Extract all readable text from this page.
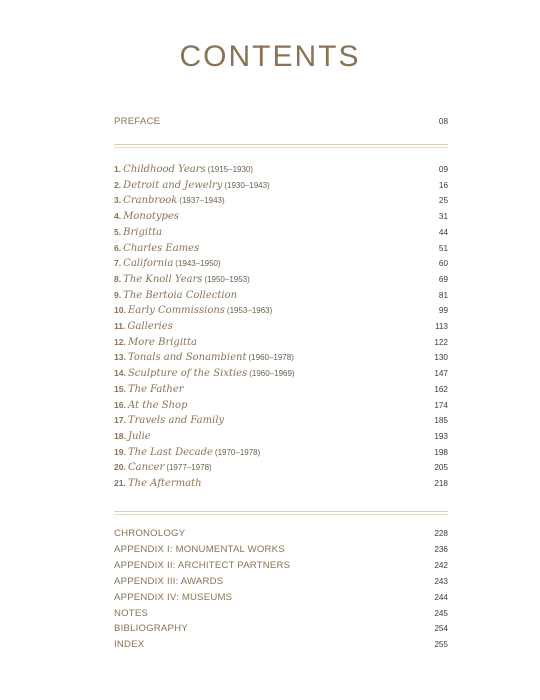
CONTENTS
PREFACE	08
1. Childhood Years (1915–1930)	09
2. Detroit and Jewelry (1930–1943)	16
3. Cranbrook (1937–1943)	25
4. Monotypes	31
5. Brigitta	44
6. Charles Eames	51
7. California (1943–1950)	60
8. The Knoll Years (1950–1953)	69
9. The Bertoia Collection	81
10. Early Commissions (1953–1963)	99
11. Galleries	113
12. More Brigitta	122
13. Tonals and Sonambient (1960–1978)	130
14. Sculpture of the Sixties (1960–1969)	147
15. The Father	162
16. At the Shop	174
17. Travels and Family	185
18. Julie	193
19. The Last Decade (1970–1978)	198
20. Cancer (1977–1978)	205
21. The Aftermath	218
CHRONOLOGY	228
APPENDIX I: MONUMENTAL WORKS	236
APPENDIX II: ARCHITECT PARTNERS	242
APPENDIX III: AWARDS	243
APPENDIX IV: MUSEUMS	244
NOTES	245
BIBLIOGRAPHY	254
INDEX	255
